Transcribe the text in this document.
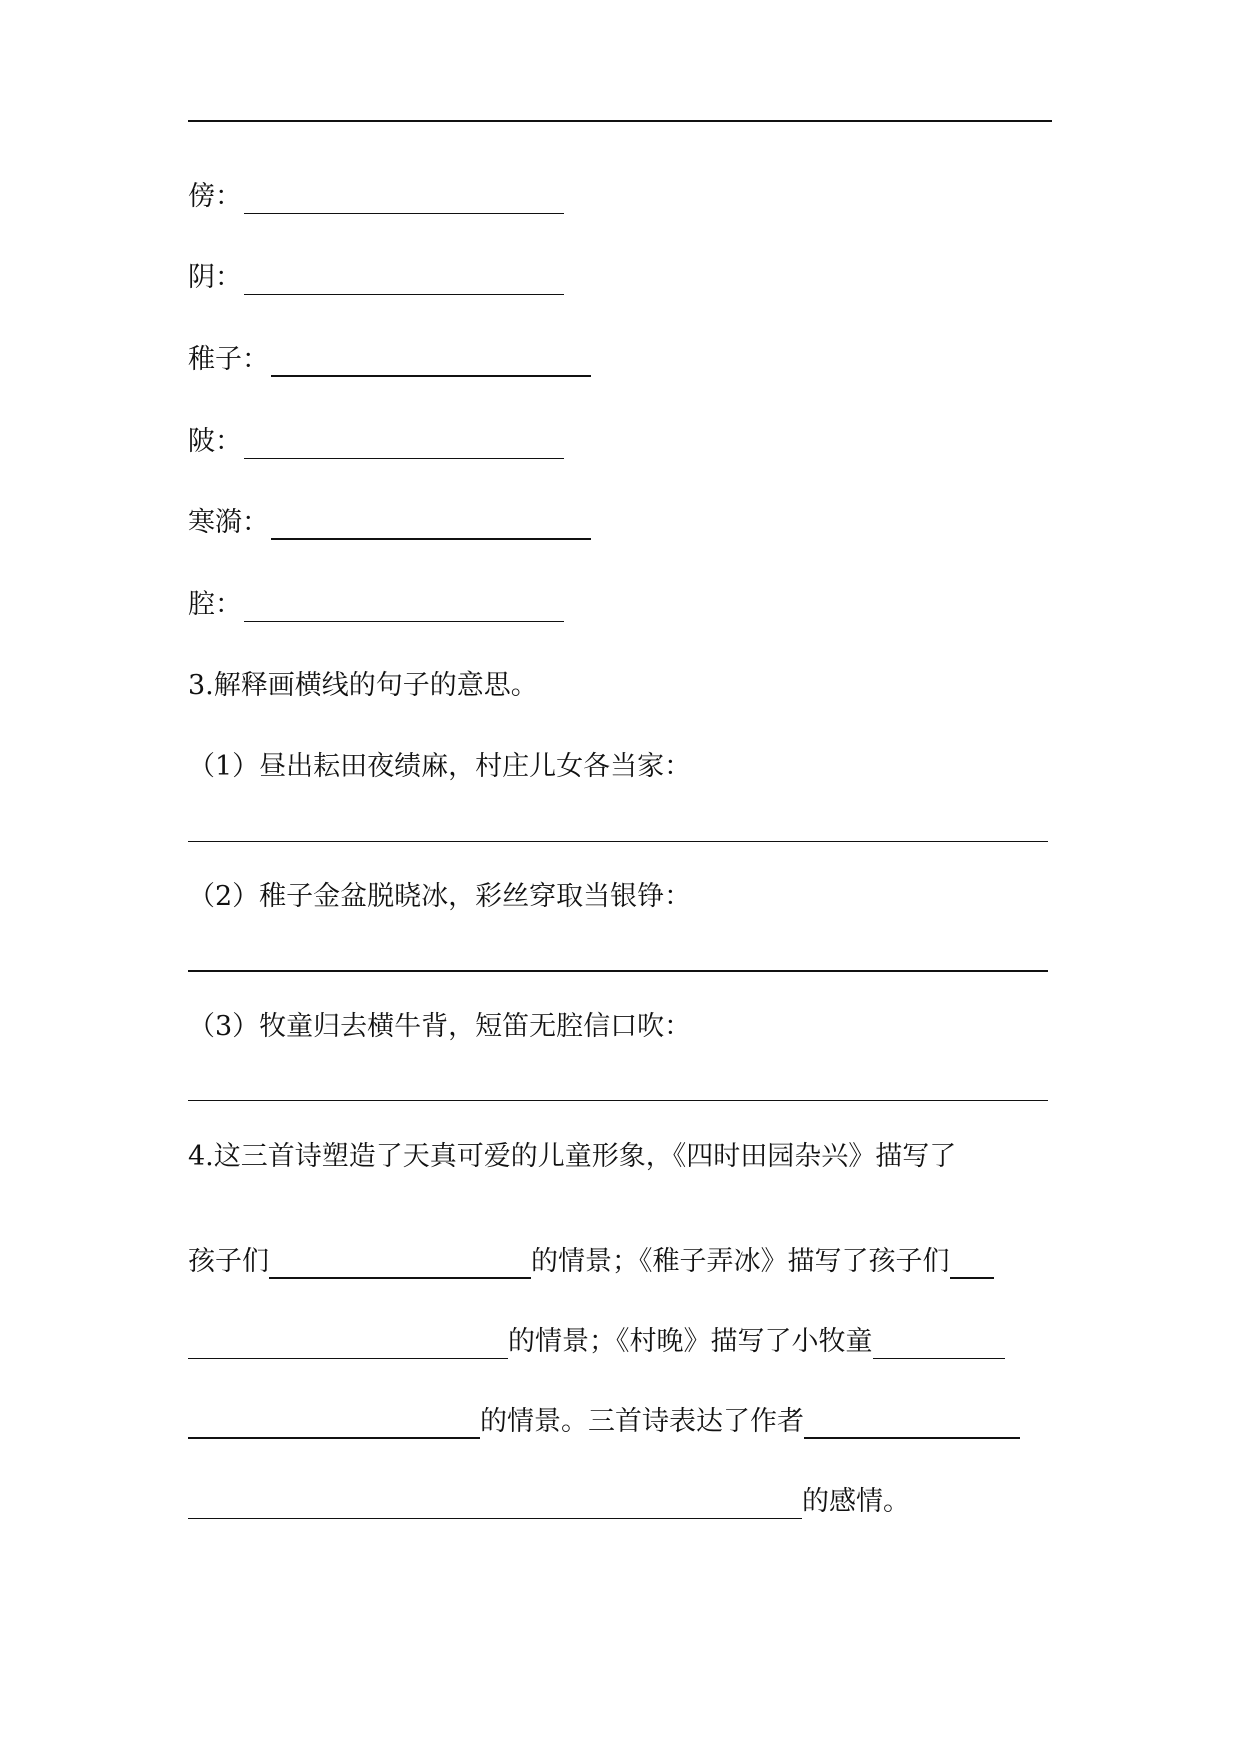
傍 ：
阴 ：
稚子 ：
陂 ：
寒漪 ：
腔 ：
3.解释画横线的句子的意思。
（1）昼出耘田夜绩麻，村庄儿女各当家：
（2）稚子金盆脱晓冰，彩丝穿取当银铮：
（3）牧童归去横牛背，短笛无腔信口吹：
4.这三首诗塑造了天真可爱的儿童形象，《四时田园杂兴》描写了
孩子们	的情景；《稚子弄冰》描写了孩子们
的情景；《村晚》描写了小牧童
的情景。三首诗表达了作者
的感情。
